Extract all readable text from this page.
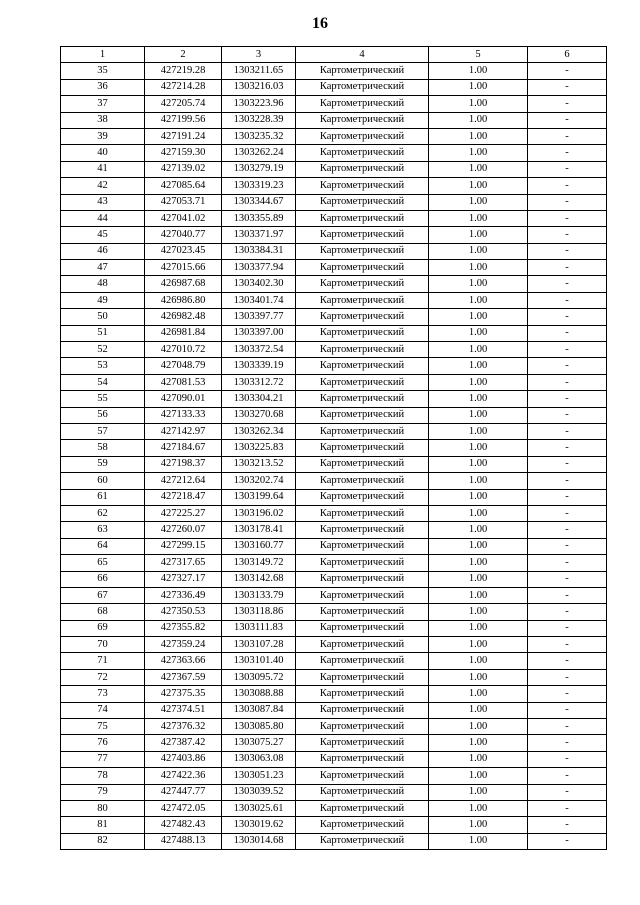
16
1	2	3	4	5	6
35	427219.28	1303211.65	Картометрический	1.00	-
36	427214.28	1303216.03	Картометрический	1.00	-
37	427205.74	1303223.96	Картометрический	1.00	-
38	427199.56	1303228.39	Картометрический	1.00	-
39	427191.24	1303235.32	Картометрический	1.00	-
40	427159.30	1303262.24	Картометрический	1.00	-
41	427139.02	1303279.19	Картометрический	1.00	-
42	427085.64	1303319.23	Картометрический	1.00	-
43	427053.71	1303344.67	Картометрический	1.00	-
44	427041.02	1303355.89	Картометрический	1.00	-
45	427040.77	1303371.97	Картометрический	1.00	-
46	427023.45	1303384.31	Картометрический	1.00	-
47	427015.66	1303377.94	Картометрический	1.00	-
48	426987.68	1303402.30	Картометрический	1.00	-
49	426986.80	1303401.74	Картометрический	1.00	-
50	426982.48	1303397.77	Картометрический	1.00	-
51	426981.84	1303397.00	Картометрический	1.00	-
52	427010.72	1303372.54	Картометрический	1.00	-
53	427048.79	1303339.19	Картометрический	1.00	-
54	427081.53	1303312.72	Картометрический	1.00	-
55	427090.01	1303304.21	Картометрический	1.00	-
56	427133.33	1303270.68	Картометрический	1.00	-
57	427142.97	1303262.34	Картометрический	1.00	-
58	427184.67	1303225.83	Картометрический	1.00	-
59	427198.37	1303213.52	Картометрический	1.00	-
60	427212.64	1303202.74	Картометрический	1.00	-
61	427218.47	1303199.64	Картометрический	1.00	-
62	427225.27	1303196.02	Картометрический	1.00	-
63	427260.07	1303178.41	Картометрический	1.00	-
64	427299.15	1303160.77	Картометрический	1.00	-
65	427317.65	1303149.72	Картометрический	1.00	-
66	427327.17	1303142.68	Картометрический	1.00	-
67	427336.49	1303133.79	Картометрический	1.00	-
68	427350.53	1303118.86	Картометрический	1.00	-
69	427355.82	1303111.83	Картометрический	1.00	-
70	427359.24	1303107.28	Картометрический	1.00	-
71	427363.66	1303101.40	Картометрический	1.00	-
72	427367.59	1303095.72	Картометрический	1.00	-
73	427375.35	1303088.88	Картометрический	1.00	-
74	427374.51	1303087.84	Картометрический	1.00	-
75	427376.32	1303085.80	Картометрический	1.00	-
76	427387.42	1303075.27	Картометрический	1.00	-
77	427403.86	1303063.08	Картометрический	1.00	-
78	427422.36	1303051.23	Картометрический	1.00	-
79	427447.77	1303039.52	Картометрический	1.00	-
80	427472.05	1303025.61	Картометрический	1.00	-
81	427482.43	1303019.62	Картометрический	1.00	-
82	427488.13	1303014.68	Картометрический	1.00	-
